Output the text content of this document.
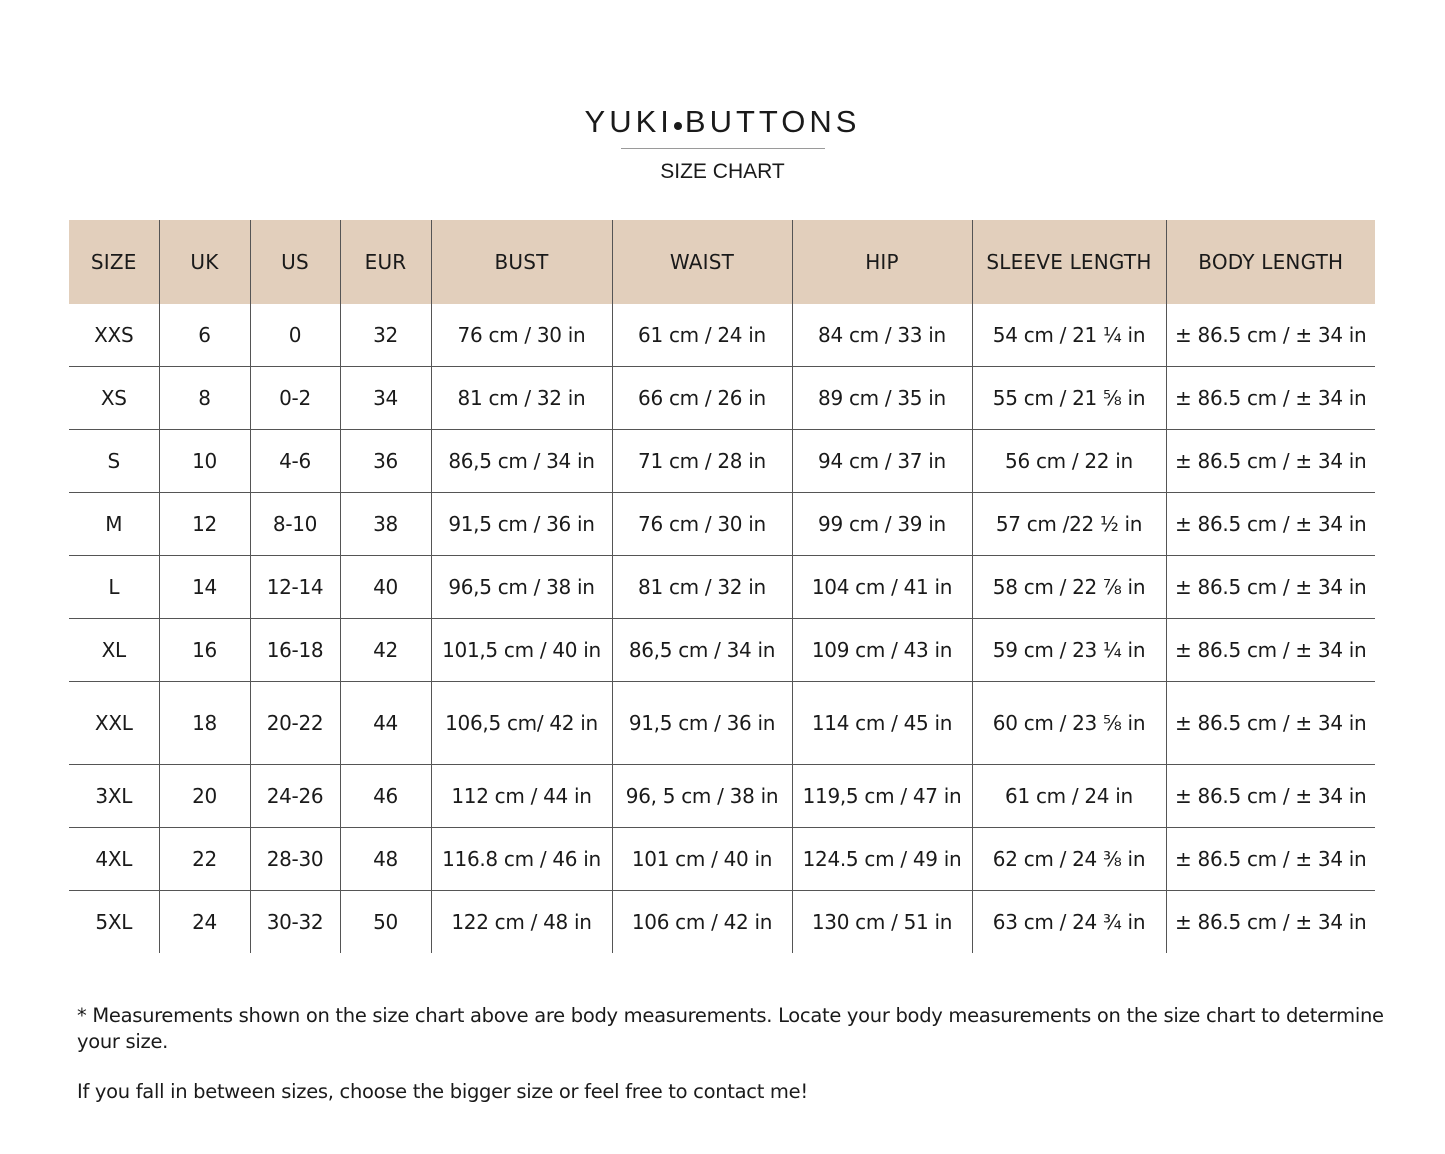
YUKI BUTTONS
SIZE CHART
SIZE	UK	US	EUR	BUST	WAIST	HIP	SLEEVE LENGTH	BODY LENGTH
XXS	6	0	32	76 cm / 30 in	61 cm / 24 in	84 cm / 33 in	54 cm / 21 ¹⁄₄ in	± 86.5 cm / ± 34 in
XS	8	0-2	34	81 cm / 32 in	66 cm / 26 in	89 cm / 35 in	55 cm / 21 ⁵⁄₈ in	± 86.5 cm / ± 34 in
S	10	4-6	36	86,5 cm / 34 in	71 cm / 28 in	94 cm / 37 in	56 cm / 22 in	± 86.5 cm / ± 34 in
M	12	8-10	38	91,5 cm / 36 in	76 cm / 30 in	99 cm / 39 in	57 cm /22 ¹⁄₂ in	± 86.5 cm / ± 34 in
L	14	12-14	40	96,5 cm / 38 in	81 cm / 32 in	104 cm / 41 in	58 cm / 22 ⁷⁄₈ in	± 86.5 cm / ± 34 in
XL	16	16-18	42	101,5 cm / 40 in	86,5 cm / 34 in	109 cm / 43 in	59 cm / 23 ¹⁄₄ in	± 86.5 cm / ± 34 in
XXL	18	20-22	44	106,5 cm/ 42 in	91,5 cm / 36 in	114 cm / 45 in	60 cm / 23 ⁵⁄₈ in	± 86.5 cm / ± 34 in
3XL	20	24-26	46	112 cm / 44 in	96, 5 cm / 38 in	119,5 cm / 47 in	61 cm / 24 in	± 86.5 cm / ± 34 in
4XL	22	28-30	48	116.8 cm / 46 in	101 cm / 40 in	124.5 cm / 49 in	62 cm / 24 ³⁄₈ in	± 86.5 cm / ± 34 in
5XL	24	30-32	50	122 cm / 48 in	106 cm / 42 in	130 cm / 51 in	63 cm / 24 ³⁄₄ in	± 86.5 cm / ± 34 in

* Measurements shown on the size chart above are body measurements. Locate your body measurements on the size chart to determine your size.

If you fall in between sizes, choose the bigger size or feel free to contact me!
